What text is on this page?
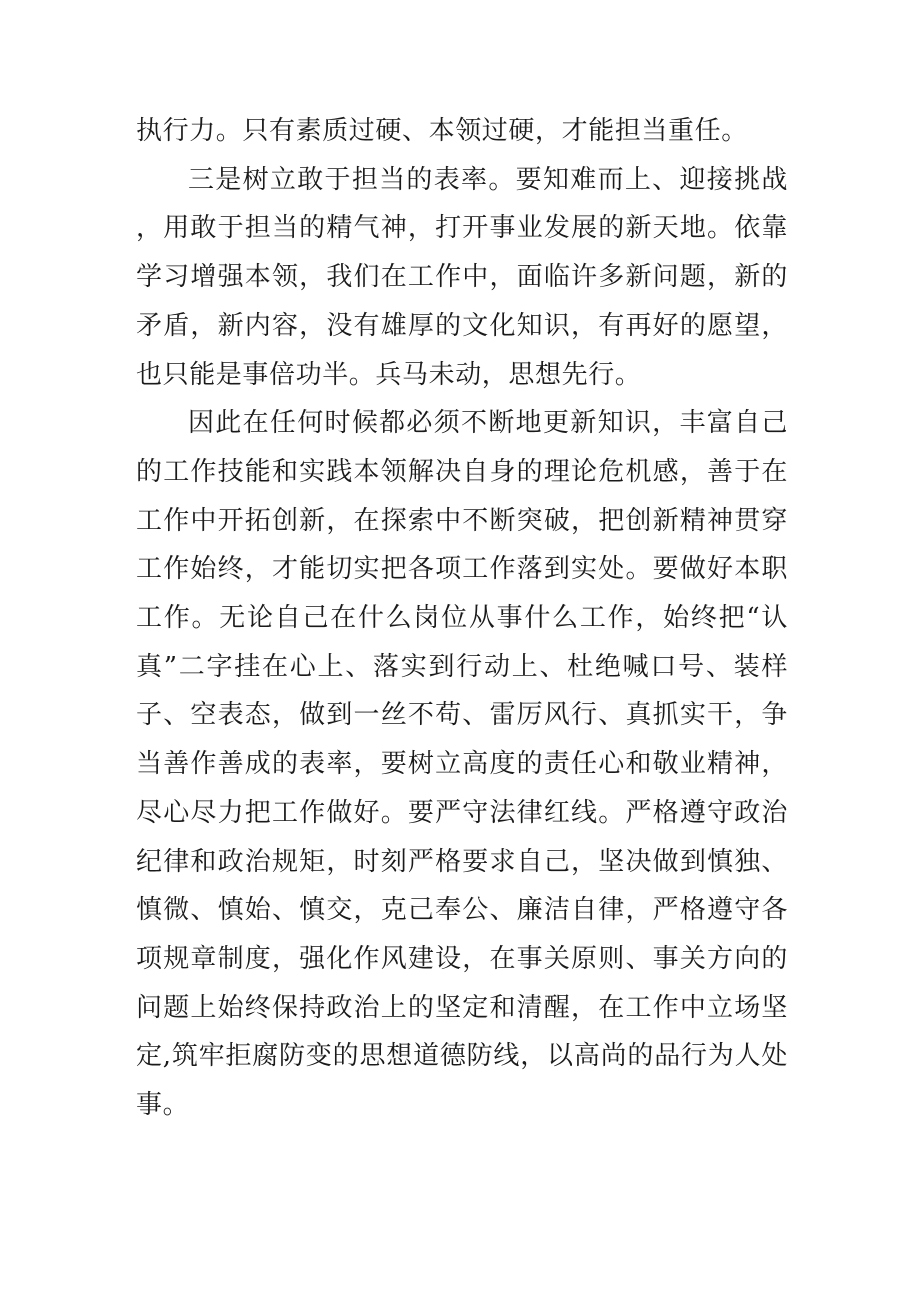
执行力。只有素质过硬、本领过硬，才能担当重任。

三是树立敢于担当的表率。要知难而上、迎接挑战，用敢于担当的精气神，打开事业发展的新天地。依靠学习增强本领，我们在工作中，面临许多新问题，新的矛盾，新内容，没有雄厚的文化知识，有再好的愿望，也只能是事倍功半。兵马未动，思想先行。

因此在任何时候都必须不断地更新知识，丰富自己的工作技能和实践本领解决自身的理论危机感，善于在工作中开拓创新，在探索中不断突破，把创新精神贯穿工作始终，才能切实把各项工作落到实处。要做好本职工作。无论自己在什么岗位从事什么工作，始终把“认真”二字挂在心上、落实到行动上、杜绝喊口号、装样子、空表态，做到一丝不苟、雷厉风行、真抓实干，争当善作善成的表率，要树立高度的责任心和敬业精神，尽心尽力把工作做好。要严守法律红线。严格遵守政治纪律和政治规矩，时刻严格要求自己，坚决做到慎独、慎微、慎始、慎交，克己奉公、廉洁自律，严格遵守各项规章制度，强化作风建设，在事关原则、事关方向的问题上始终保持政治上的坚定和清醒，在工作中立场坚定,筑牢拒腐防变的思想道德防线，以高尚的品行为人处事。
